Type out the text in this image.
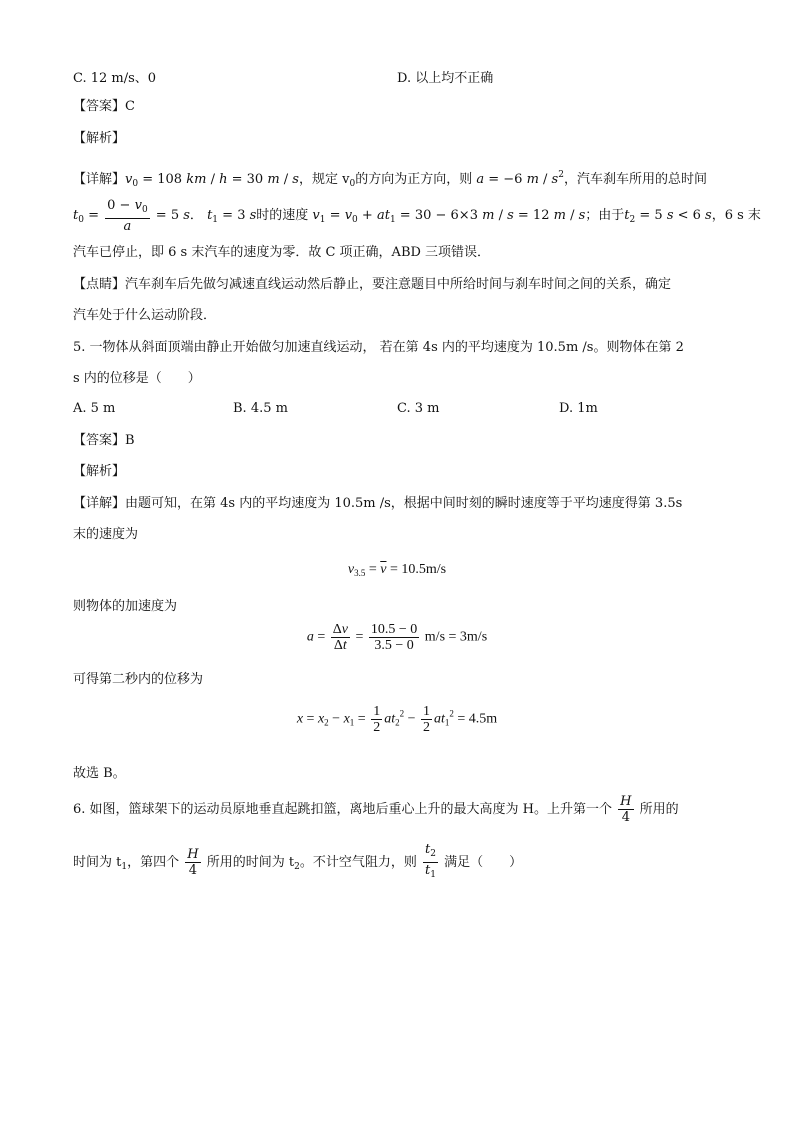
C. 12 m/s、0	D. 以上均不正确
【答案】C
【解析】
【详解】$v_0 = 108$ km / h = 30 m / s，规定 $v_0$的方向为正方向，则 a = −6 m / $s^2$，汽车刹车所用的总时间
$t_0 = \frac{0 - v_0}{a} = 5$ s． $t_1 = 3$ s时的速度 $v_1 = v_0 + at_1 = 30 - 6\times 3$ m / s = 12 m / s；由于$t_2 = 5$ s < 6 s，6 s 末
汽车已停止，即 6 s 末汽车的速度为零．故 C 项正确，ABD 三项错误．
【点睛】汽车刹车后先做匀减速直线运动然后静止，要注意题目中所给时间与刹车时间之间的关系，确定
汽车处于什么运动阶段．
5. 一物体从斜面顶端由静止开始做匀加速直线运动， 若在第 4s 内的平均速度为 10.5m /s。则物体在第 2
s 内的位移是（　　）
A. 5 m	B. 4.5 m	C. 3 m	D. 1m
【答案】B
【解析】
【详解】由题可知，在第 4s 内的平均速度为 10.5m /s，根据中间时刻的瞬时速度等于平均速度得第 3.5s
末的速度为
$v_{3.5} = \overline{v} = 10.5m/s$
则物体的加速度为
$a = \frac{\Delta v}{\Delta t} = \frac{10.5 - 0}{3.5 - 0} m/s = 3m/s$
可得第二秒内的位移为
$x = x_2 - x_1 = \frac{1}{2} at_2^2 - \frac{1}{2} at_1^2 = 4.5m$
故选 B。
6. 如图，篮球架下的运动员原地垂直起跳扣篮，离地后重心上升的最大高度为 H。上升第一个 $\frac{H}{4}$ 所用的
时间为 $t_1$，第四个 $\frac{H}{4}$ 所用的时间为 $t_2$。不计空气阻力，则 $\frac{t_2}{t_1}$ 满足（　　）
